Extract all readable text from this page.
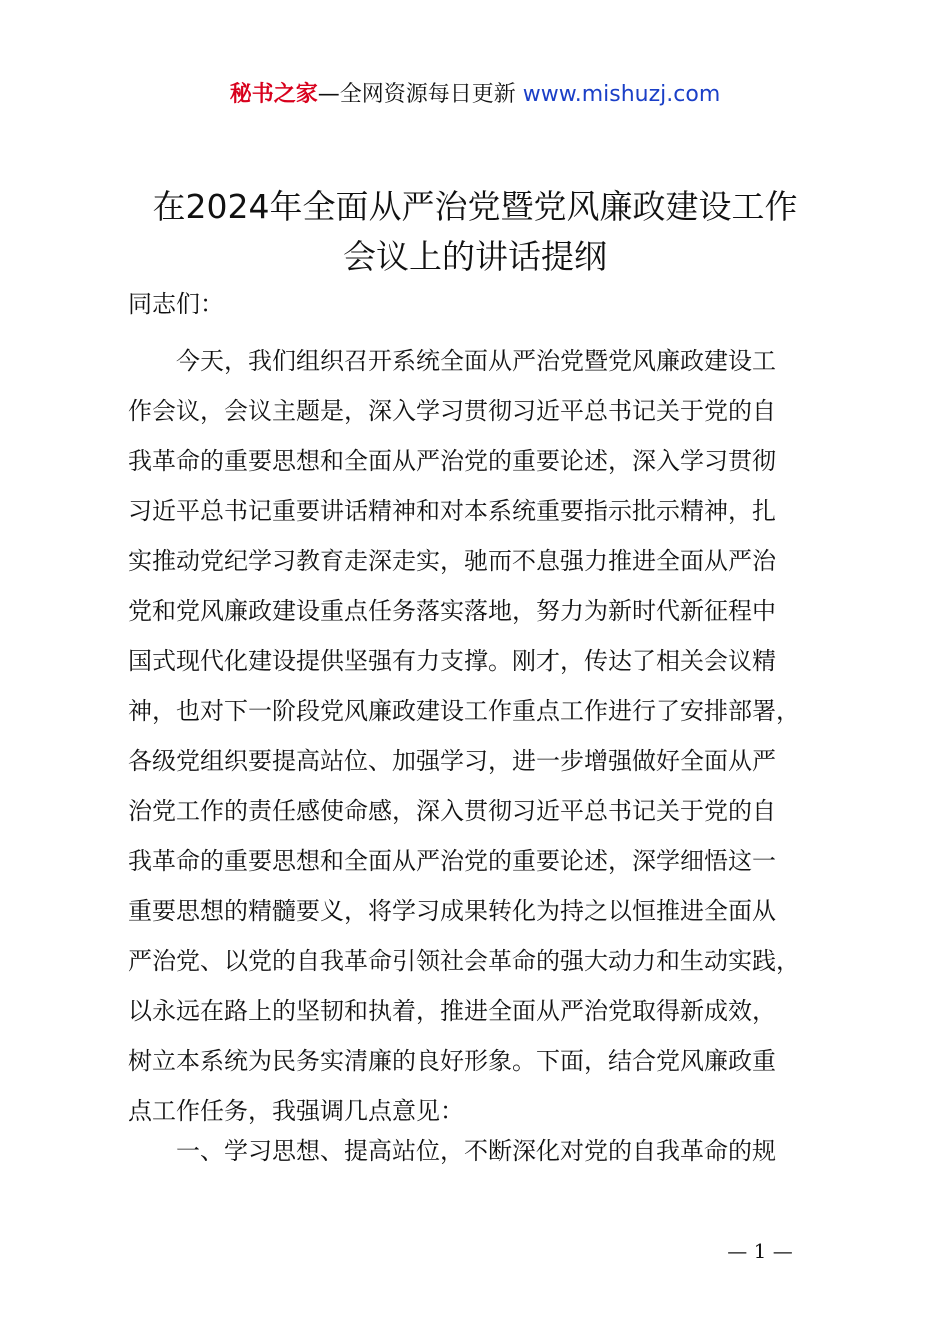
秘书之家—全网资源每日更新 www.mishuzj.com
在2024年全面从严治党暨党风廉政建设工作
会议上的讲话提纲
同志们：
今天，我们组织召开系统全面从严治党暨党风廉政建设工
作会议，会议主题是，深入学习贯彻习近平总书记关于党的自
我革命的重要思想和全面从严治党的重要论述，深入学习贯彻
习近平总书记重要讲话精神和对本系统重要指示批示精神，扎
实推动党纪学习教育走深走实，驰而不息强力推进全面从严治
党和党风廉政建设重点任务落实落地，努力为新时代新征程中
国式现代化建设提供坚强有力支撑。刚才，传达了相关会议精
神，也对下一阶段党风廉政建设工作重点工作进行了安排部署，
各级党组织要提高站位、加强学习，进一步增强做好全面从严
治党工作的责任感使命感，深入贯彻习近平总书记关于党的自
我革命的重要思想和全面从严治党的重要论述，深学细悟这一
重要思想的精髓要义，将学习成果转化为持之以恒推进全面从
严治党、以党的自我革命引领社会革命的强大动力和生动实践，
以永远在路上的坚韧和执着，推进全面从严治党取得新成效，
树立本系统为民务实清廉的良好形象。下面，结合党风廉政重
点工作任务，我强调几点意见：
一、学习思想、提高站位，不断深化对党的自我革命的规
— 1 —
